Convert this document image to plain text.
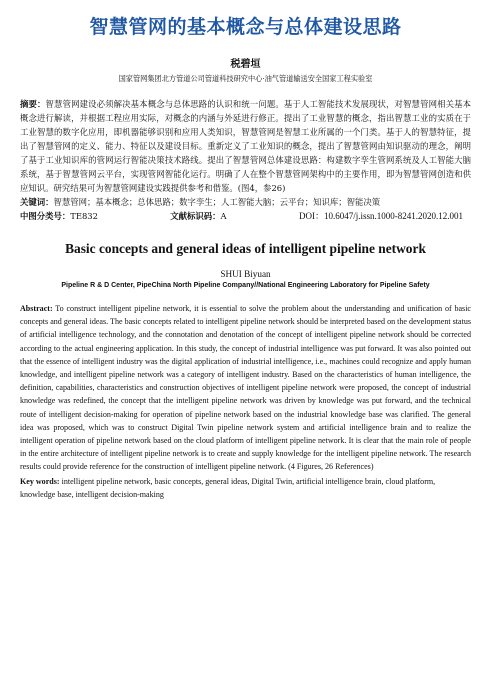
智慧管网的基本概念与总体建设思路
税碧垣
国家管网集团北方管道公司管道科技研究中心·油气管道输送安全国家工程实验室

摘要：智慧管网建设必须解决基本概念与总体思路的认识和统一问题。基于人工智能技术发展现状，对智慧管网相关基本概念进行解读，并根据工程应用实际，对概念的内涵与外延进行修正。提出了工业智慧的概念，指出智慧工业的实质在于工业智慧的数字化应用，即机器能够识别和应用人类知识，智慧管网是智慧工业所属的一个门类。基于人的智慧特征，提出了智慧管网的定义、能力、特征以及建设目标。重新定义了工业知识的概念，提出了智慧管网由知识驱动的理念，阐明了基于工业知识库的管网运行智能决策技术路线。提出了智慧管网总体建设思路：构建数字孪生管网系统及人工智能大脑系统，基于智慧管网云平台，实现管网智能化运行。明确了人在整个智慧管网架构中的主要作用，即为智慧管网创造和供应知识。研究结果可为智慧管网建设实践提供参考和借鉴。(图4，参26)

关键词：智慧管网；基本概念；总体思路；数字孪生；人工智能大脑；云平台；知识库；智能决策

中图分类号：TE832	文献标识码：A	DOI：10.6047/j.issn.1000-8241.2020.12.001
Basic concepts and general ideas of intelligent pipeline network
SHUI Biyuan
Pipeline R & D Center, PipeChina North Pipeline Company//National Engineering Laboratory for Pipeline Safety

Abstract: To construct intelligent pipeline network, it is essential to solve the problem about the understanding and unification of basic concepts and general ideas. The basic concepts related to intelligent pipeline network should be interpreted based on the development status of artificial intelligence technology, and the connotation and denotation of the concept of intelligent pipeline network should be corrected according to the actual engineering application. In this study, the concept of industrial intelligence was put forward. It was also pointed out that the essence of intelligent industry was the digital application of industrial intelligence, i.e., machines could recognize and apply human knowledge, and intelligent pipeline network was a category of intelligent industry. Based on the characteristics of human intelligence, the definition, capabilities, characteristics and construction objectives of intelligent pipeline network were proposed, the concept of industrial knowledge was redefined, the concept that the intelligent pipeline network was driven by knowledge was put forward, and the technical route of intelligent decision-making for operation of pipeline network based on the industrial knowledge base was clarified. The general idea was proposed, which was to construct Digital Twin pipeline network system and artificial intelligence brain and to realize the intelligent operation of pipeline network based on the cloud platform of intelligent pipeline network. It is clear that the main role of people in the entire architecture of intelligent pipeline network is to create and supply knowledge for the intelligent pipeline network. The research results could provide reference for the construction of intelligent pipeline network. (4 Figures, 26 References)

Key words: intelligent pipeline network, basic concepts, general ideas, Digital Twin, artificial intelligence brain, cloud platform, knowledge base, intelligent decision-making
